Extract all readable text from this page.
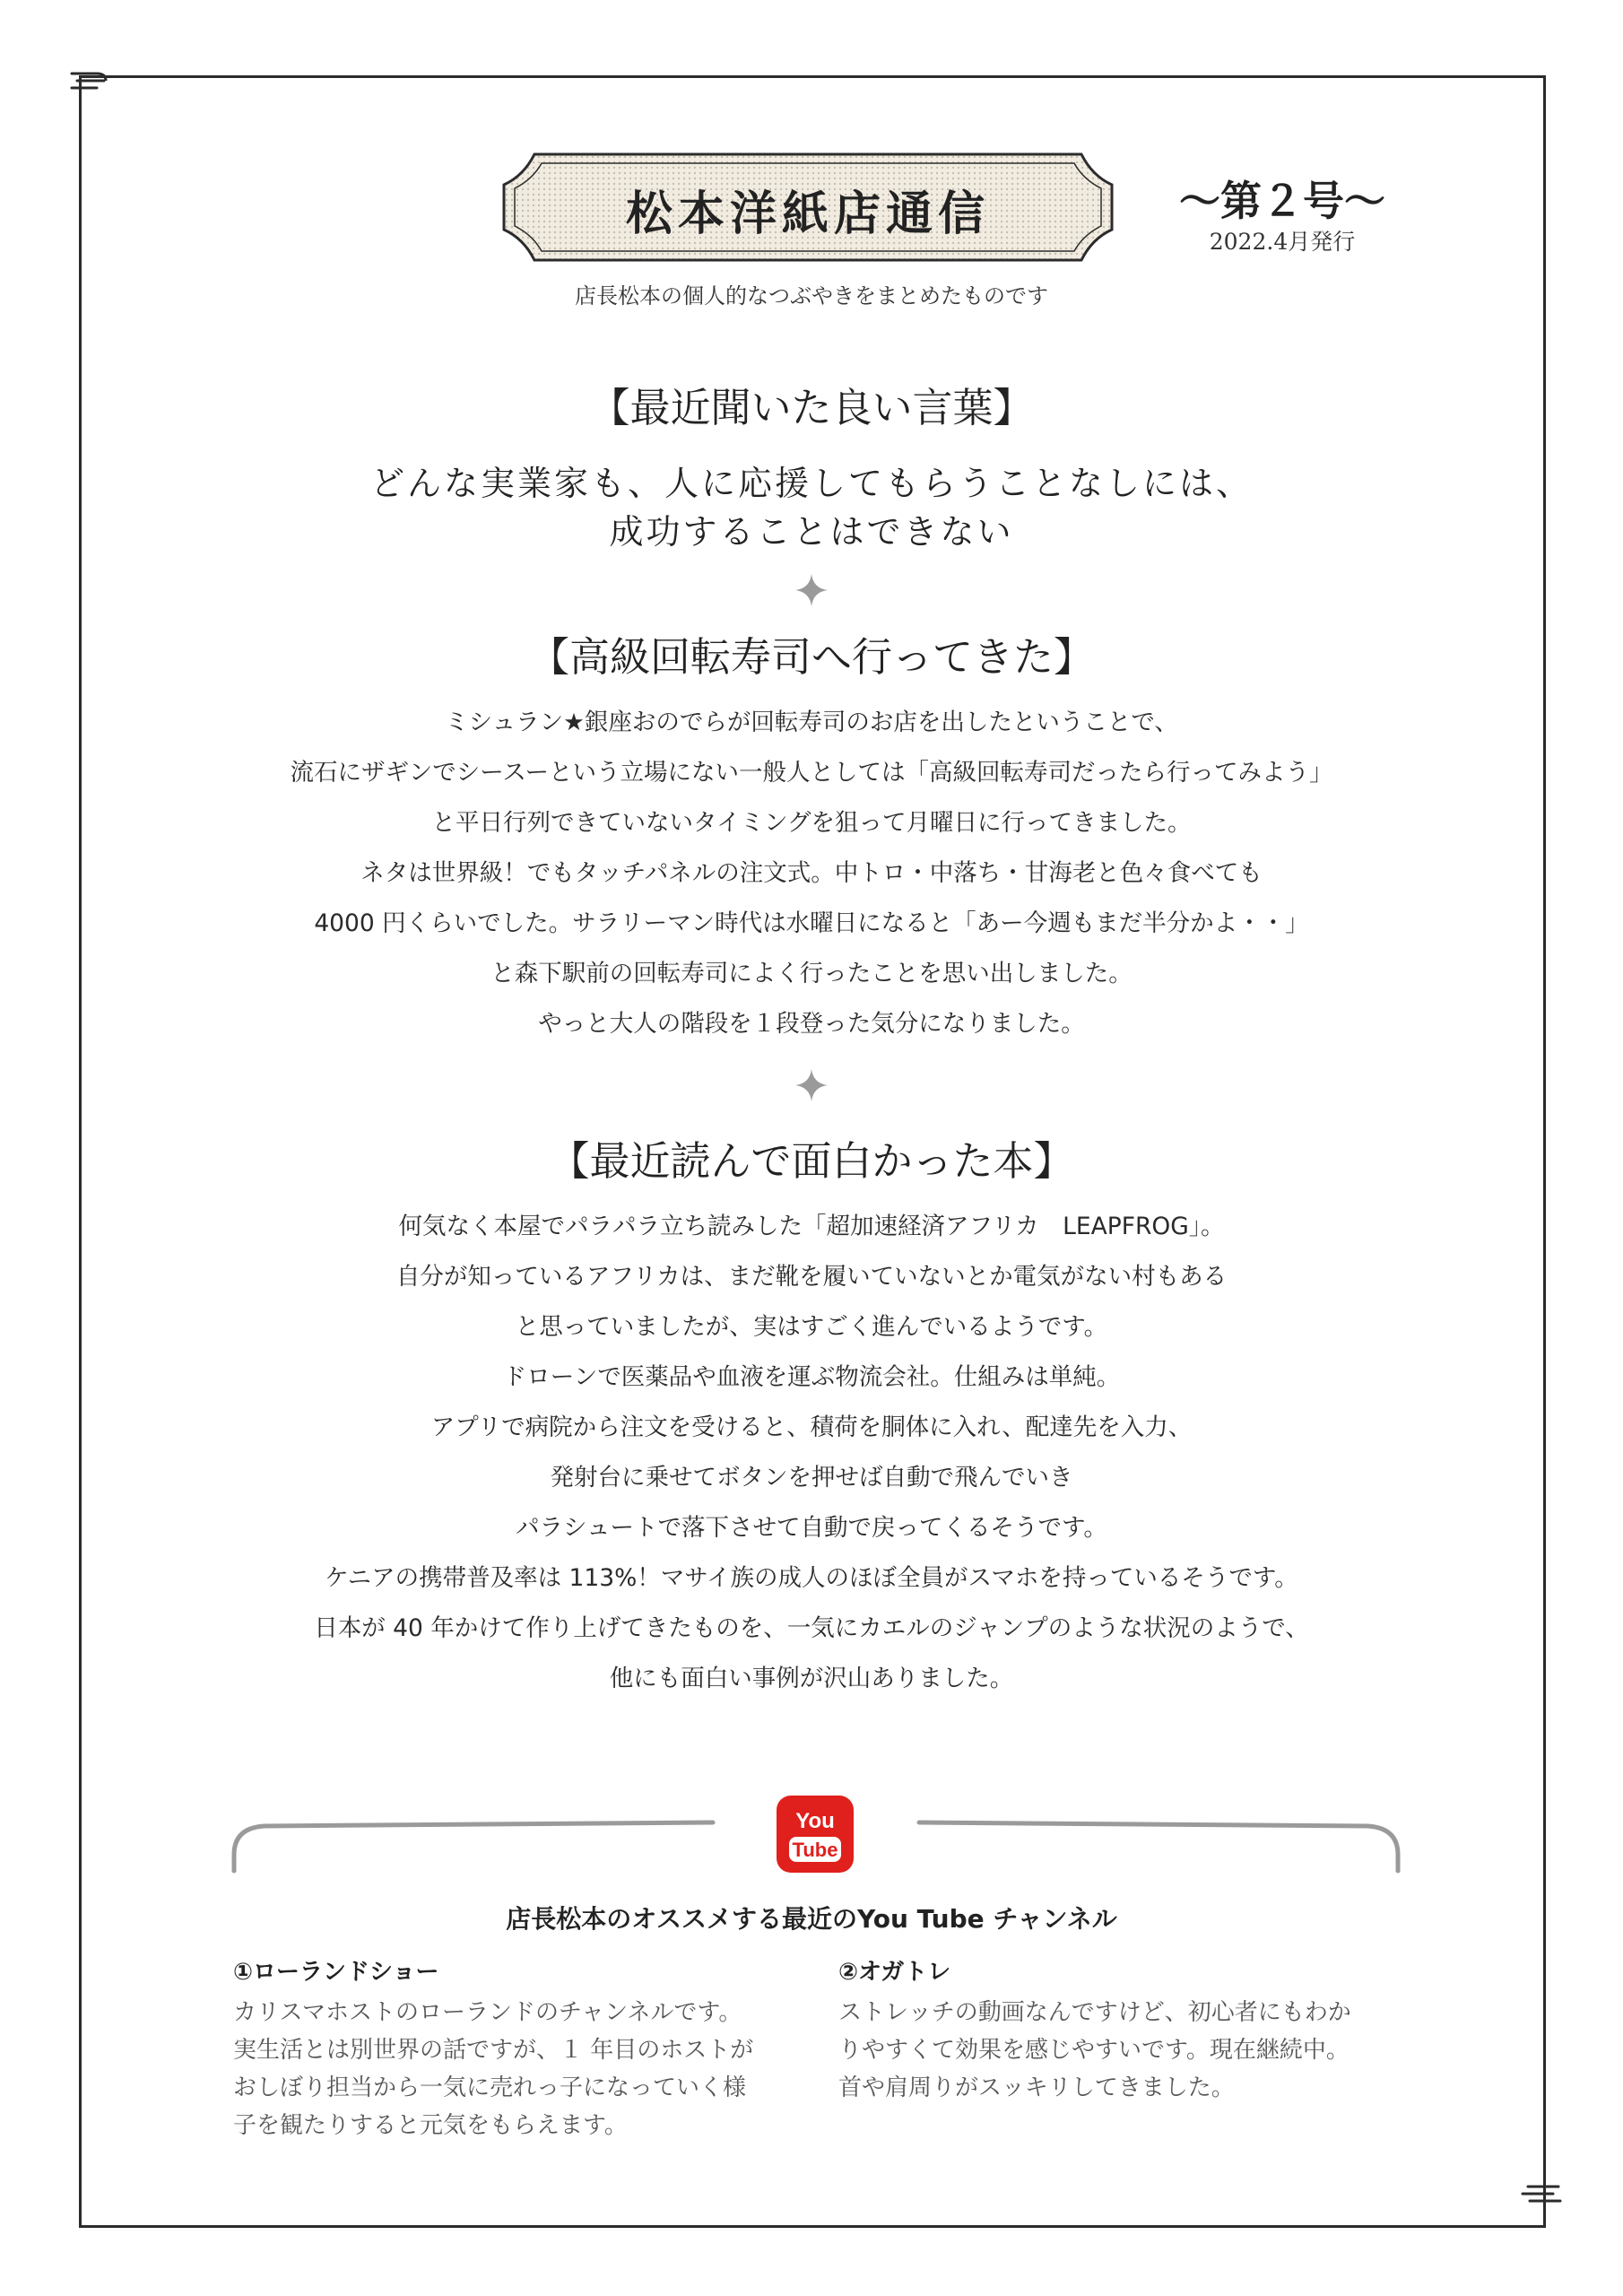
松本洋紙店通信	〜第２号〜
2022.4月発行
店長松本の個人的なつぶやきをまとめたものです
【最近聞いた良い言葉】
どんな実業家も、人に応援してもらうことなしには、
成功することはできない
【高級回転寿司へ行ってきた】
ミシュラン★銀座おのでらが回転寿司のお店を出したということで、
流石にザギンでシースーという立場にない一般人としては「高級回転寿司だったら行ってみよう」
と平日行列できていないタイミングを狙って月曜日に行ってきました。
ネタは世界級！でもタッチパネルの注文式。中トロ・中落ち・甘海老と色々食べても
4000 円くらいでした。サラリーマン時代は水曜日になると「あー今週もまだ半分かよ・・」
と森下駅前の回転寿司によく行ったことを思い出しました。
やっと大人の階段を１段登った気分になりました。
【最近読んで面白かった本】
何気なく本屋でパラパラ立ち読みした「超加速経済アフリカ　LEAPFROG」。
自分が知っているアフリカは、まだ靴を履いていないとか電気がない村もある
と思っていましたが、実はすごく進んでいるようです。
ドローンで医薬品や血液を運ぶ物流会社。仕組みは単純。
アプリで病院から注文を受けると、積荷を胴体に入れ、配達先を入力、
発射台に乗せてボタンを押せば自動で飛んでいき
パラシュートで落下させて自動で戻ってくるそうです。
ケニアの携帯普及率は 113%！マサイ族の成人のほぼ全員がスマホを持っているそうです。
日本が 40 年かけて作り上げてきたものを、一気にカエルのジャンプのような状況のようで、
他にも面白い事例が沢山ありました。
You
Tube
店長松本のオススメする最近のYou Tube チャンネル
①ローランドショー
カリスマホストのローランドのチャンネルです。
実生活とは別世界の話ですが、１ 年目のホストが
おしぼり担当から一気に売れっ子になっていく様
子を観たりすると元気をもらえます。
②オガトレ
ストレッチの動画なんですけど、初心者にもわか
りやすくて効果を感じやすいです。現在継続中。
首や肩周りがスッキリしてきました。
